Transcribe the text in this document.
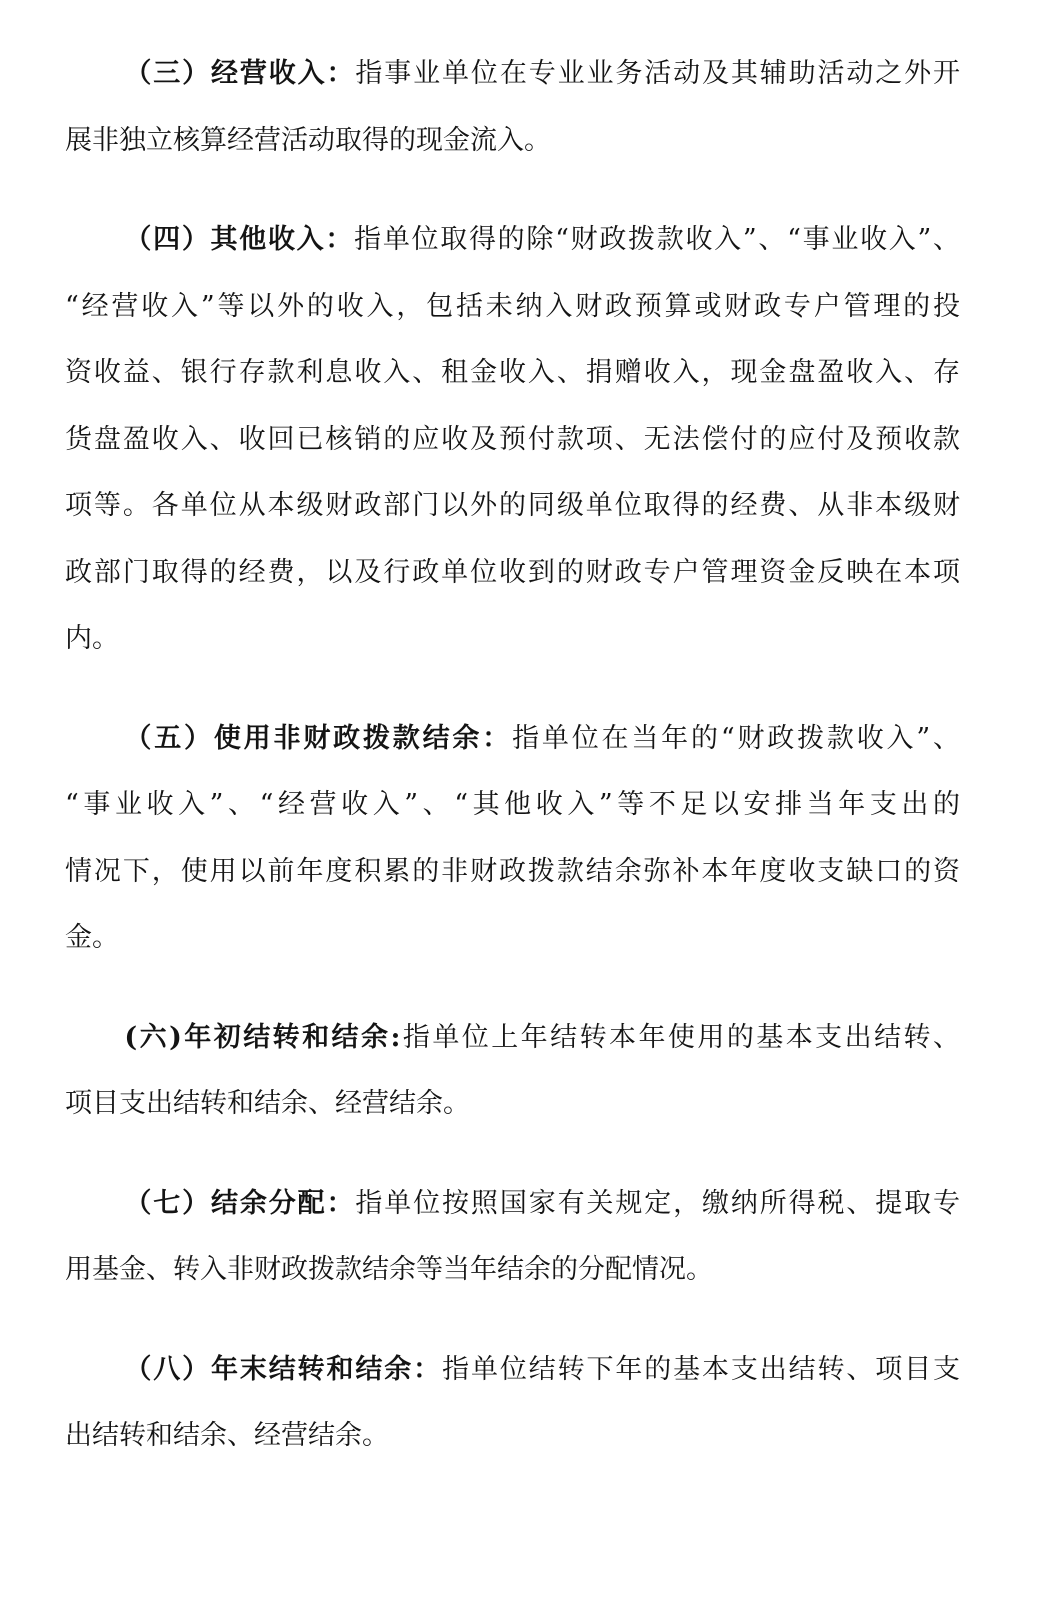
（三）经营收入：指事业单位在专业业务活动及其辅助活动之外开
展非独立核算经营活动取得的现金流入。

（四）其他收入：指单位取得的除“财政拨款收入”、“事业收入”、
“经营收入”等以外的收入，包括未纳入财政预算或财政专户管理的投
资收益、银行存款利息收入、租金收入、捐赠收入，现金盘盈收入、存
货盘盈收入、收回已核销的应收及预付款项、无法偿付的应付及预收款
项等。各单位从本级财政部门以外的同级单位取得的经费、从非本级财
政部门取得的经费，以及行政单位收到的财政专户管理资金反映在本项
内。

（五）使用非财政拨款结余：指单位在当年的“财政拨款收入”、
“事业收入”、“经营收入”、“其他收入”等不足以安排当年支出的
情况下，使用以前年度积累的非财政拨款结余弥补本年度收支缺口的资
金。

(六)年初结转和结余:指单位上年结转本年使用的基本支出结转、
项目支出结转和结余、经营结余。

（七）结余分配：指单位按照国家有关规定，缴纳所得税、提取专
用基金、转入非财政拨款结余等当年结余的分配情况。

（八）年末结转和结余：指单位结转下年的基本支出结转、项目支
出结转和结余、经营结余。
